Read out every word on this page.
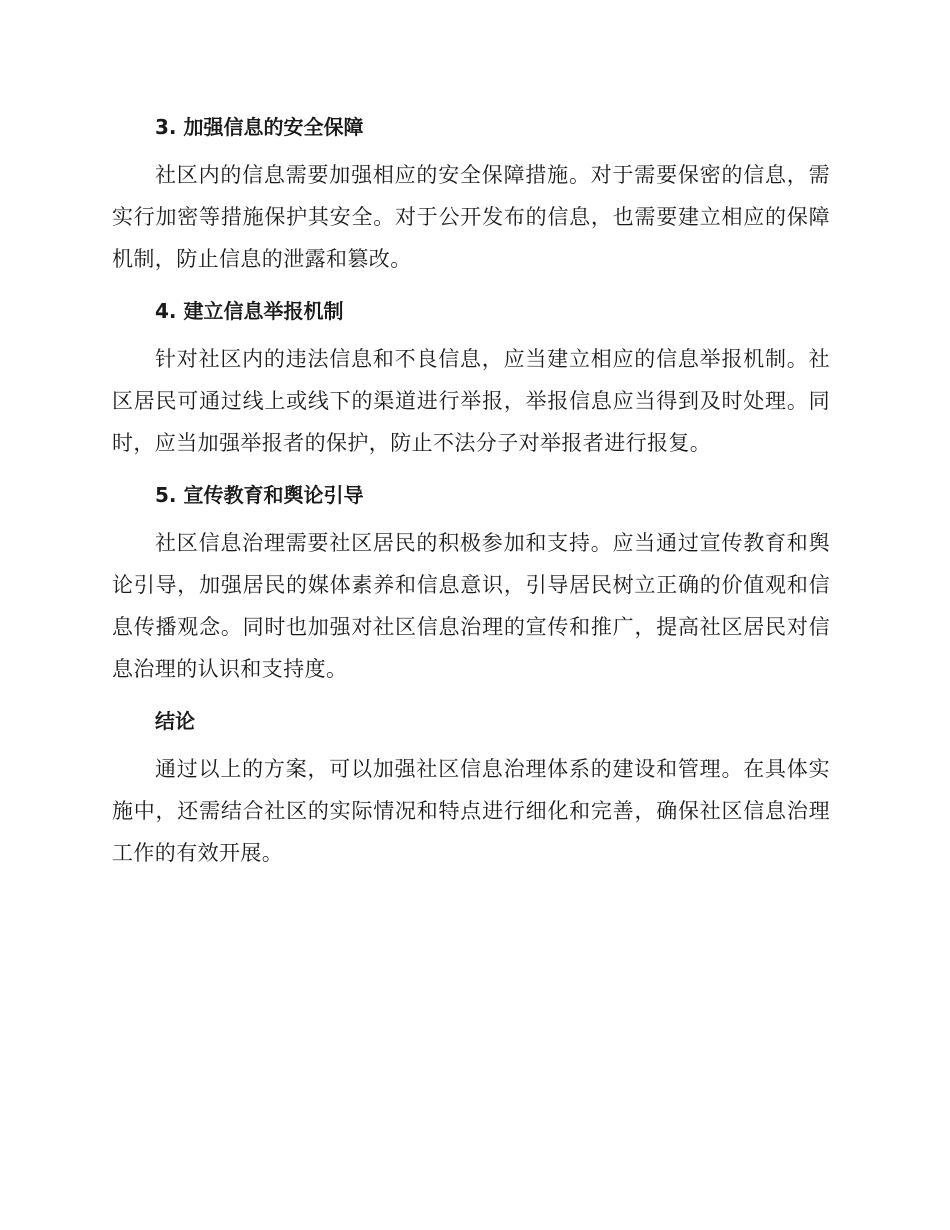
3. 加强信息的安全保障

社区内的信息需要加强相应的安全保障措施。对于需要保密的信息，需实行加密等措施保护其安全。对于公开发布的信息，也需要建立相应的保障机制，防止信息的泄露和篡改。

4. 建立信息举报机制

针对社区内的违法信息和不良信息，应当建立相应的信息举报机制。社区居民可通过线上或线下的渠道进行举报，举报信息应当得到及时处理。同时，应当加强举报者的保护，防止不法分子对举报者进行报复。

5. 宣传教育和舆论引导

社区信息治理需要社区居民的积极参加和支持。应当通过宣传教育和舆论引导，加强居民的媒体素养和信息意识，引导居民树立正确的价值观和信息传播观念。同时也加强对社区信息治理的宣传和推广，提高社区居民对信息治理的认识和支持度。

结论

通过以上的方案，可以加强社区信息治理体系的建设和管理。在具体实施中，还需结合社区的实际情况和特点进行细化和完善，确保社区信息治理工作的有效开展。
